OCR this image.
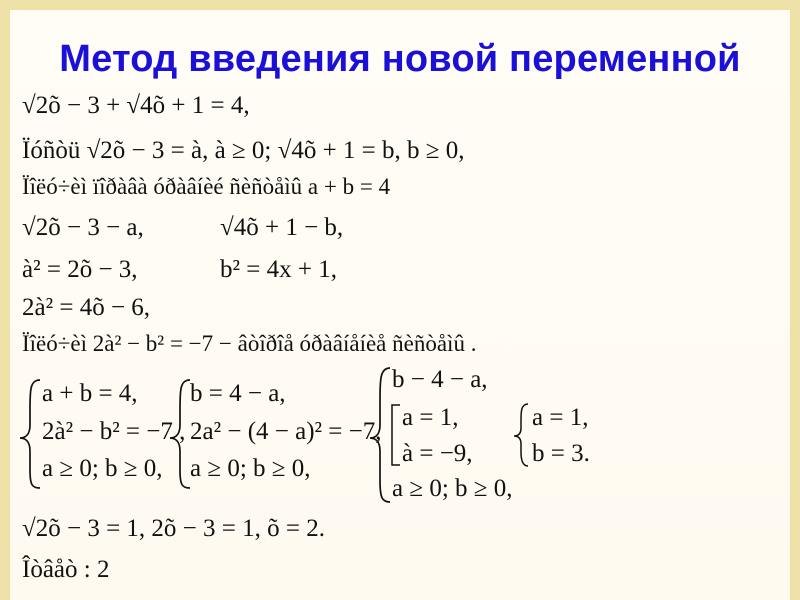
Метод введения новой переменной
√2õ − 3 + √4õ + 1 = 4,
Ïóñòü √2õ − 3 = à, à ≥ 0; √4õ + 1 = b, b ≥ 0,
Ïîëó÷èì ïîðàâà óðàâíèé ñèñòåìû a + b = 4
√2õ − 3 − a,	√4õ + 1 − b,
à² = 2õ − 3,	b² = 4x + 1,
2à² = 4õ − 6,
Ïîëó÷èì 2à² − b² = −7 − âòîðîå óðàâíåíèå ñèñòåìû .
a + b = 4,
2à² − b² = −7 ,
a ≥ 0; b ≥ 0,
b = 4 − a,
2a² − (4 − a)² = −7,
a ≥ 0; b ≥ 0,
b − 4 − a,
a = 1,
à = −9,
a ≥ 0; b ≥ 0,
a = 1,
b = 3.
√2õ − 3 = 1, 2õ − 3 = 1, õ = 2.
Îòâåò : 2
